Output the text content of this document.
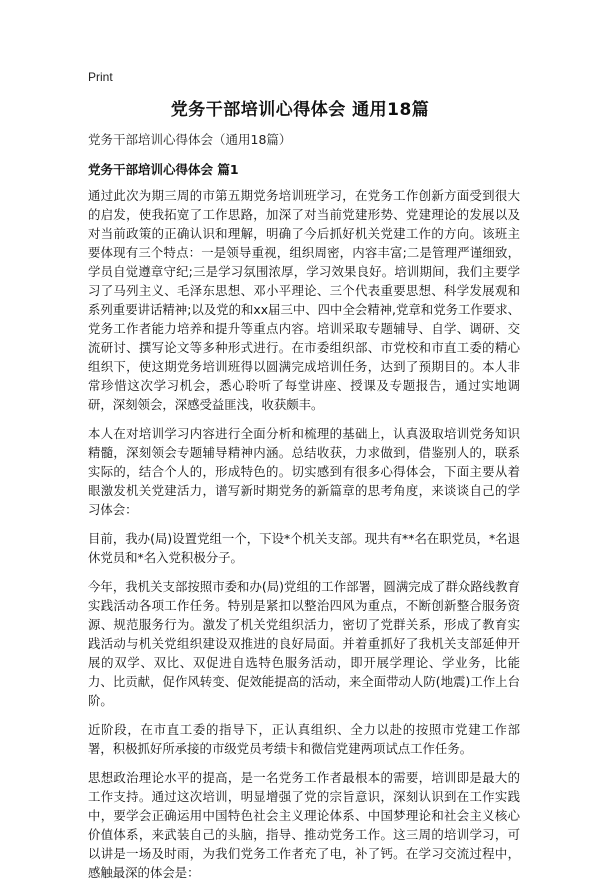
Print
党务干部培训心得体会 通用18篇
党务干部培训心得体会（通用18篇）
党务干部培训心得体会 篇1

通过此次为期三周的市第五期党务培训班学习，在党务工作创新方面受到很大的启发，使我拓宽了工作思路，加深了对当前党建形势、党建理论的发展以及对当前政策的正确认识和理解，明确了今后抓好机关党建工作的方向。该班主要体现有三个特点：一是领导重视，组织周密，内容丰富;二是管理严谨细致，学员自觉遵章守纪;三是学习氛围浓厚，学习效果良好。培训期间，我们主要学习了马列主义、毛泽东思想、邓小平理论、三个代表重要思想、科学发展观和系列重要讲话精神;以及党的和xx届三中、四中全会精神,党章和党务工作要求、党务工作者能力培养和提升等重点内容。培训采取专题辅导、自学、调研、交流研讨、撰写论文等多种形式进行。在市委组织部、市党校和市直工委的精心组织下，使这期党务培训班得以圆满完成培训任务，达到了预期目的。本人非常珍惜这次学习机会，悉心聆听了每堂讲座、授课及专题报告，通过实地调研，深刻领会，深感受益匪浅，收获颇丰。

本人在对培训学习内容进行全面分析和梳理的基础上，认真汲取培训党务知识精髓，深刻领会专题辅导精神内涵。总结收获，力求做到，借鉴别人的，联系实际的，结合个人的，形成特色的。切实感到有很多心得体会，下面主要从着眼激发机关党建活力，谱写新时期党务的新篇章的思考角度，来谈谈自己的学习体会：

目前，我办(局)设置党组一个，下设*个机关支部。现共有**名在职党员，*名退休党员和*名入党积极分子。

今年，我机关支部按照市委和办(局)党组的工作部署，圆满完成了群众路线教育实践活动各项工作任务。特别是紧扣以整治四风为重点，不断创新整合服务资源、规范服务行为。激发了机关党组织活力，密切了党群关系，形成了教育实践活动与机关党组织建设双推进的良好局面。并着重抓好了我机关支部延伸开展的双学、双比、双促进自选特色服务活动，即开展学理论、学业务，比能力、比贡献，促作风转变、促效能提高的活动，来全面带动人防(地震)工作上台阶。

近阶段，在市直工委的指导下，正认真组织、全力以赴的按照市党建工作部署，积极抓好所承接的市级党员考绩卡和微信党建两项试点工作任务。

思想政治理论水平的提高，是一名党务工作者最根本的需要，培训即是最大的工作支持。通过这次培训，明显增强了党的宗旨意识，深刻认识到在工作实践中，要学会正确运用中国特色社会主义理论体系、中国梦理论和社会主义核心价值体系，来武装自己的头脑，指导、推动党务工作。这三周的培训学习，可以讲是一场及时雨，为我们党务工作者充了电，补了钙。在学习交流过程中，感触最深的体会是：
